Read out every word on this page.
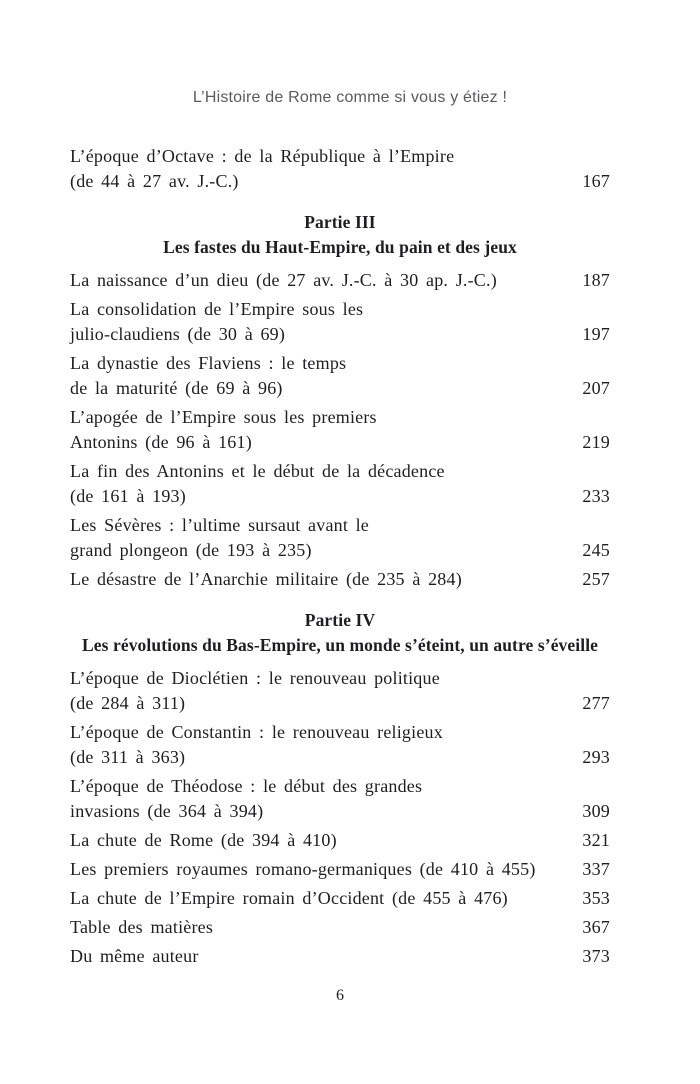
L’Histoire de Rome comme si vous y étiez !
L’époque d’Octave : de la République à l’Empire
(de 44 à 27 av. J.-C.)	167
Partie III
Les fastes du Haut-Empire, du pain et des jeux
La naissance d’un dieu (de 27 av. J.-C. à 30 ap. J.-C.)	187
La consolidation de l’Empire sous les
julio-claudiens (de 30 à 69)	197
La dynastie des Flaviens : le temps
de la maturité (de 69 à 96)	207
L’apogée de l’Empire sous les premiers
Antonins (de 96 à 161)	219
La fin des Antonins et le début de la décadence
(de 161 à 193)	233
Les Sévères : l’ultime sursaut avant le
grand plongeon (de 193 à 235)	245
Le désastre de l’Anarchie militaire (de 235 à 284)	257
Partie IV
Les révolutions du Bas-Empire, un monde s’éteint, un autre s’éveille
L’époque de Dioclétien : le renouveau politique
(de 284 à 311)	277
L’époque de Constantin : le renouveau religieux
(de 311 à 363)	293
L’époque de Théodose : le début des grandes
invasions (de 364 à 394)	309
La chute de Rome (de 394 à 410)	321
Les premiers royaumes romano-germaniques (de 410 à 455)	337
La chute de l’Empire romain d’Occident (de 455 à 476)	353
Table des matières	367
Du même auteur	373
6
